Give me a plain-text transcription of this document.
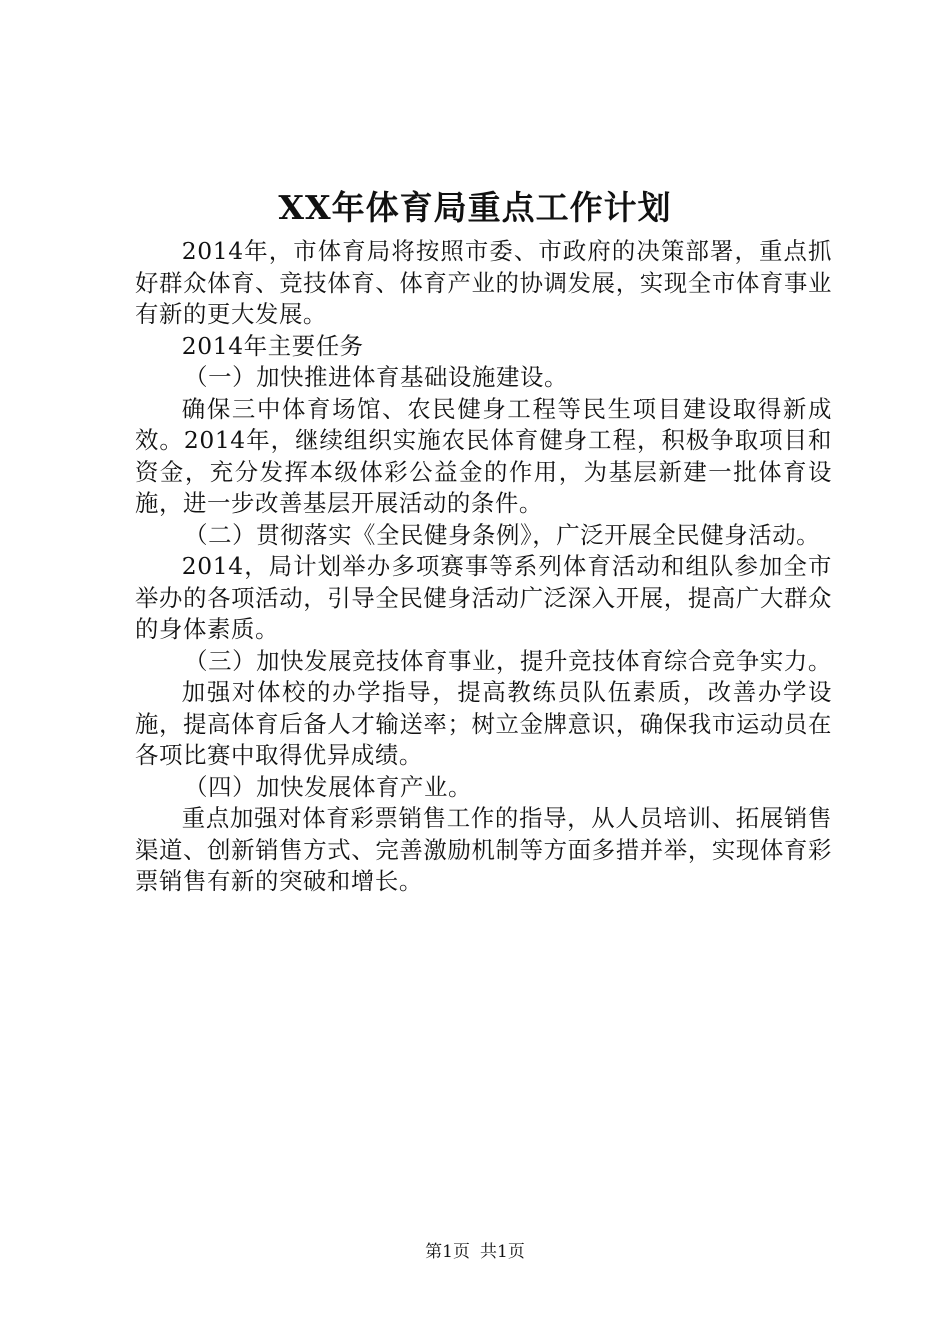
XX年体育局重点工作计划

2014年，市体育局将按照市委、市政府的决策部署，重点抓好群众体育、竞技体育、体育产业的协调发展，实现全市体育事业有新的更大发展。

2014年主要任务

（一）加快推进体育基础设施建设。

确保三中体育场馆、农民健身工程等民生项目建设取得新成效。2014年，继续组织实施农民体育健身工程，积极争取项目和资金，充分发挥本级体彩公益金的作用，为基层新建一批体育设施，进一步改善基层开展活动的条件。

（二）贯彻落实《全民健身条例》，广泛开展全民健身活动。

2014，局计划举办多项赛事等系列体育活动和组队参加全市举办的各项活动，引导全民健身活动广泛深入开展，提高广大群众的身体素质。

（三）加快发展竞技体育事业，提升竞技体育综合竞争实力。

加强对体校的办学指导，提高教练员队伍素质，改善办学设施，提高体育后备人才输送率；树立金牌意识，确保我市运动员在各项比赛中取得优异成绩。

（四）加快发展体育产业。

重点加强对体育彩票销售工作的指导，从人员培训、拓展销售渠道、创新销售方式、完善激励机制等方面多措并举，实现体育彩票销售有新的突破和增长。

第1页 共1页
